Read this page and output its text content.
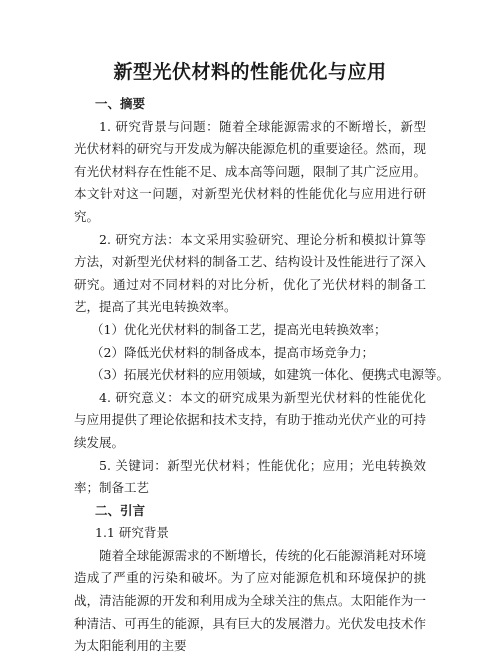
新型光伏材料的性能优化与应用
一、摘要

1. 研究背景与问题：随着全球能源需求的不断增长，新型光伏材料的研究与开发成为解决能源危机的重要途径。然而，现有光伏材料存在性能不足、成本高等问题，限制了其广泛应用。本文针对这一问题，对新型光伏材料的性能优化与应用进行研究。

2. 研究方法：本文采用实验研究、理论分析和模拟计算等方法，对新型光伏材料的制备工艺、结构设计及性能进行了深入研究。通过对不同材料的对比分析，优化了光伏材料的制备工艺，提高了其光电转换效率。

（1）优化光伏材料的制备工艺，提高光电转换效率；

（2）降低光伏材料的制备成本，提高市场竞争力；

（3）拓展光伏材料的应用领域，如建筑一体化、便携式电源等。

4. 研究意义：本文的研究成果为新型光伏材料的性能优化与应用提供了理论依据和技术支持，有助于推动光伏产业的可持续发展。

5. 关键词：新型光伏材料；性能优化；应用；光电转换效率；制备工艺

二、引言

1.1 研究背景

随着全球能源需求的不断增长，传统的化石能源消耗对环境造成了严重的污染和破坏。为了应对能源危机和环境保护的挑战，清洁能源的开发和利用成为全球关注的焦点。太阳能作为一种清洁、可再生的能源，具有巨大的发展潜力。光伏发电技术作为太阳能利用的主要
